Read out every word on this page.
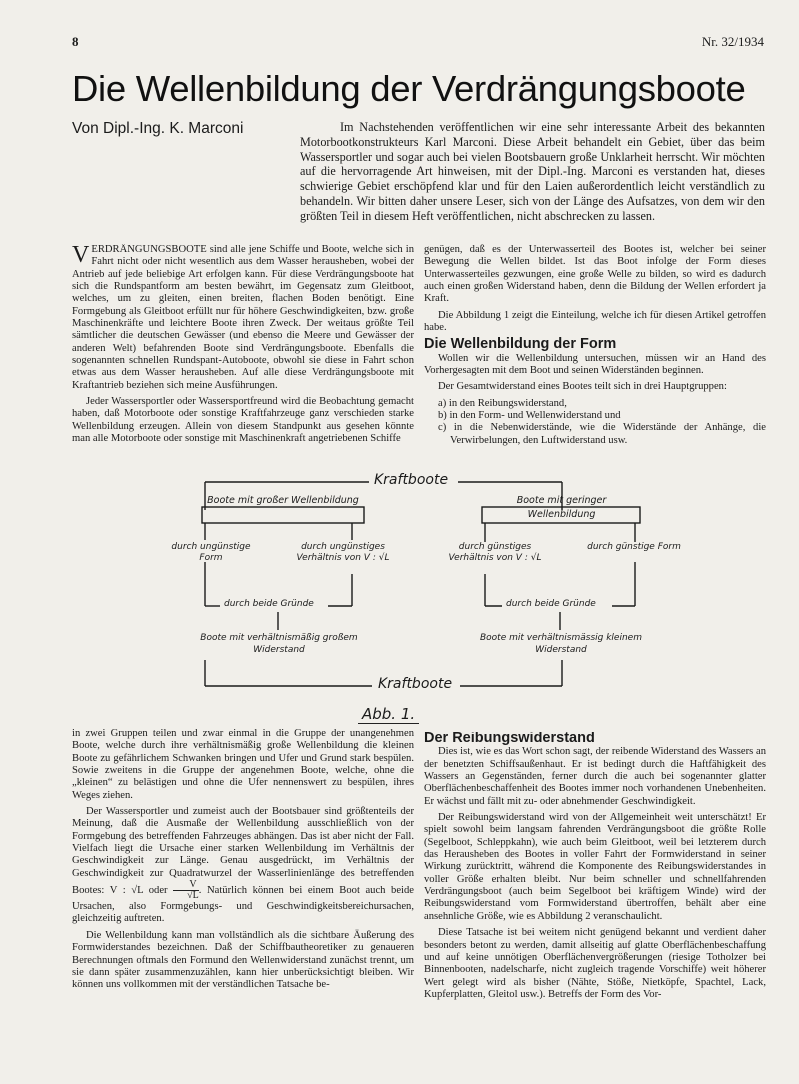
8	Nr. 32/1934
Die Wellenbildung der Verdrängungsboote
Von Dipl.-Ing. K. Marconi	Im Nachstehenden veröffentlichen wir eine sehr interessante Arbeit des bekannten Motorbootkonstrukteurs Karl Marconi. Diese Arbeit behandelt ein Gebiet, über das beim Wassersportler und sogar auch bei vielen Bootsbauern große Unklarheit herrscht. Wir möchten auf die hervorragende Art hinweisen, mit der Dipl.-Ing. Marconi es verstanden hat, dieses schwierige Gebiet erschöpfend klar und für den Laien außerordentlich leicht verständlich zu behandeln. Wir bitten daher unsere Leser, sich von der Länge des Aufsatzes, von dem wir den größten Teil in diesem Heft veröffentlichen, nicht abschrecken zu lassen.

VERDRÄNGUNGSBOOTE sind alle jene Schiffe und Boote, welche sich in Fahrt nicht oder nicht wesentlich aus dem Wasser herausheben, wobei der Antrieb auf jede beliebige Art erfolgen kann. Für diese Verdrängungsboote hat sich die Rundspantform am besten bewährt, im Gegensatz zum Gleitboot, welches, um zu gleiten, einen breiten, flachen Boden benötigt. Eine Formgebung als Gleitboot erfüllt nur für höhere Geschwindigkeiten, bzw. große Maschinenkräfte und leichtere Boote ihren Zweck. Der weitaus größte Teil sämtlicher die deutschen Gewässer (und ebenso die Meere und Gewässer der anderen Welt) befahrenden Boote sind Verdrängungsboote. Ebenfalls die sogenannten schnellen Rundspant-Autoboote, obwohl sie diese in Fahrt schon etwas aus dem Wasser herausheben. Auf alle diese Verdrängungsboote mit Kraftantrieb beziehen sich meine Ausführungen.

Jeder Wassersportler oder Wassersportfreund wird die Beobachtung gemacht haben, daß Motorboote oder sonstige Kraftfahrzeuge ganz verschieden starke Wellenbildung erzeugen. Allein von diesem Standpunkt aus gesehen könnte man alle Motorboote oder sonstige mit Maschinenkraft angetriebenen Schiffe

genügen, daß es der Unterwasserteil des Bootes ist, welcher bei seiner Bewegung die Wellen bildet. Ist das Boot infolge der Form dieses Unterwasserteiles gezwungen, eine große Welle zu bilden, so wird es dadurch auch einen großen Widerstand haben, denn die Bildung der Wellen erfordert ja Kraft.

Die Abbildung 1 zeigt die Einteilung, welche ich für diesen Artikel getroffen habe.

Die Wellenbildung der Form

Wollen wir die Wellenbildung untersuchen, müssen wir an Hand des Vorhergesagten mit dem Boot und seinen Widerständen beginnen.

Der Gesamtwiderstand eines Bootes teilt sich in drei Hauptgruppen:

a) in den Reibungswiderstand,
b) in den Form- und Wellenwiderstand und
c) in die Nebenwiderstände, wie die Widerstände der Anhänge, die Verwirbelungen, den Luftwiderstand usw.
Kraftboote
Boote mit großer Wellenbildung
durch ungünstige Form
durch ungünstiges Verhältnis von V : √L
durch beide Gründe
Boote mit verhältnismäßig großem Widerstand
Boote mit geringer Wellenbildung
durch günstiges Verhältnis von V : √L
durch günstige Form
durch beide Gründe
Boote mit verhältnismässig kleinem Widerstand
Kraftboote
Abb. 1.

in zwei Gruppen teilen und zwar einmal in die Gruppe der unangenehmen Boote, welche durch ihre verhältnismäßig große Wellenbildung die kleinen Boote zu gefährlichem Schwanken bringen und Ufer und Grund stark bespülen. Sowie zweitens in die Gruppe der angenehmen Boote, welche, ohne die „kleinen“ zu belästigen und ohne die Ufer nennenswert zu bespülen, ihres Weges ziehen.

Der Wassersportler und zumeist auch der Bootsbauer sind größtenteils der Meinung, daß die Ausmaße der Wellenbildung ausschließlich von der Formgebung des betreffenden Fahrzeuges abhängen. Das ist aber nicht der Fall. Vielfach liegt die Ursache einer starken Wellenbildung im Verhältnis der Geschwindigkeit zur Länge. Genau ausgedrückt, im Verhältnis der Geschwindigkeit zur Quadratwurzel der Wasserlinienlänge des betreffenden Bootes: V : √L oder $\frac{V}{√L}$ . Natürlich können bei einem Boot auch beide Ursachen, also Formgebungs- und Geschwindigkeitsbereichursachen, gleichzeitig auftreten.

Die Wellenbildung kann man vollständlich als die sichtbare Äußerung des Formwiderstandes bezeichnen. Daß der Schiffbautheoretiker zu genaueren Berechnungen oftmals den Formund den Wellenwiderstand zunächst trennt, um sie dann später zusammenzuzählen, kann hier unberücksichtigt bleiben. Wir können uns vollkommen mit der verständlichen Tatsache be-

Der Reibungswiderstand

Dies ist, wie es das Wort schon sagt, der reibende Widerstand des Wassers an der benetzten Schiffsaußenhaut. Er ist bedingt durch die Haftfähigkeit des Wassers an Gegenständen, ferner durch die auch bei sogenannter glatter Oberflächenbeschaffenheit des Bootes immer noch vorhandenen Unebenheiten. Er wächst und fällt mit zu- oder abnehmender Geschwindigkeit.

Der Reibungswiderstand wird von der Allgemeinheit weit unterschätzt! Er spielt sowohl beim langsam fahrenden Verdrängungsboot die größte Rolle (Segelboot, Schleppkahn), wie auch beim Gleitboot, weil bei letzterem durch das Herausheben des Bootes in voller Fahrt der Formwiderstand in seiner Wirkung zurücktritt, während die Komponente des Reibungswiderstandes in voller Größe erhalten bleibt. Nur beim schneller und schnellfahrenden Verdrängungsboot (auch beim Segelboot bei kräftigem Winde) wird der Reibungswiderstand vom Formwiderstand übertroffen, behält aber eine ansehnliche Größe, wie es Abbildung 2 veranschaulicht.

Diese Tatsache ist bei weitem nicht genügend bekannt und verdient daher besonders betont zu werden, damit allseitig auf glatte Oberflächenbeschaffung und auf keine unnötigen Oberflächenvergrößerungen (riesige Totholzer bei Binnenbooten, nadelscharfe, nicht zugleich tragende Vorschiffe) weit höherer Wert gelegt wird als bisher (Nähte, Stöße, Nietköpfe, Spachtel, Lack, Kupferplatten, Gleitol usw.). Betreffs der Form des Vor-
